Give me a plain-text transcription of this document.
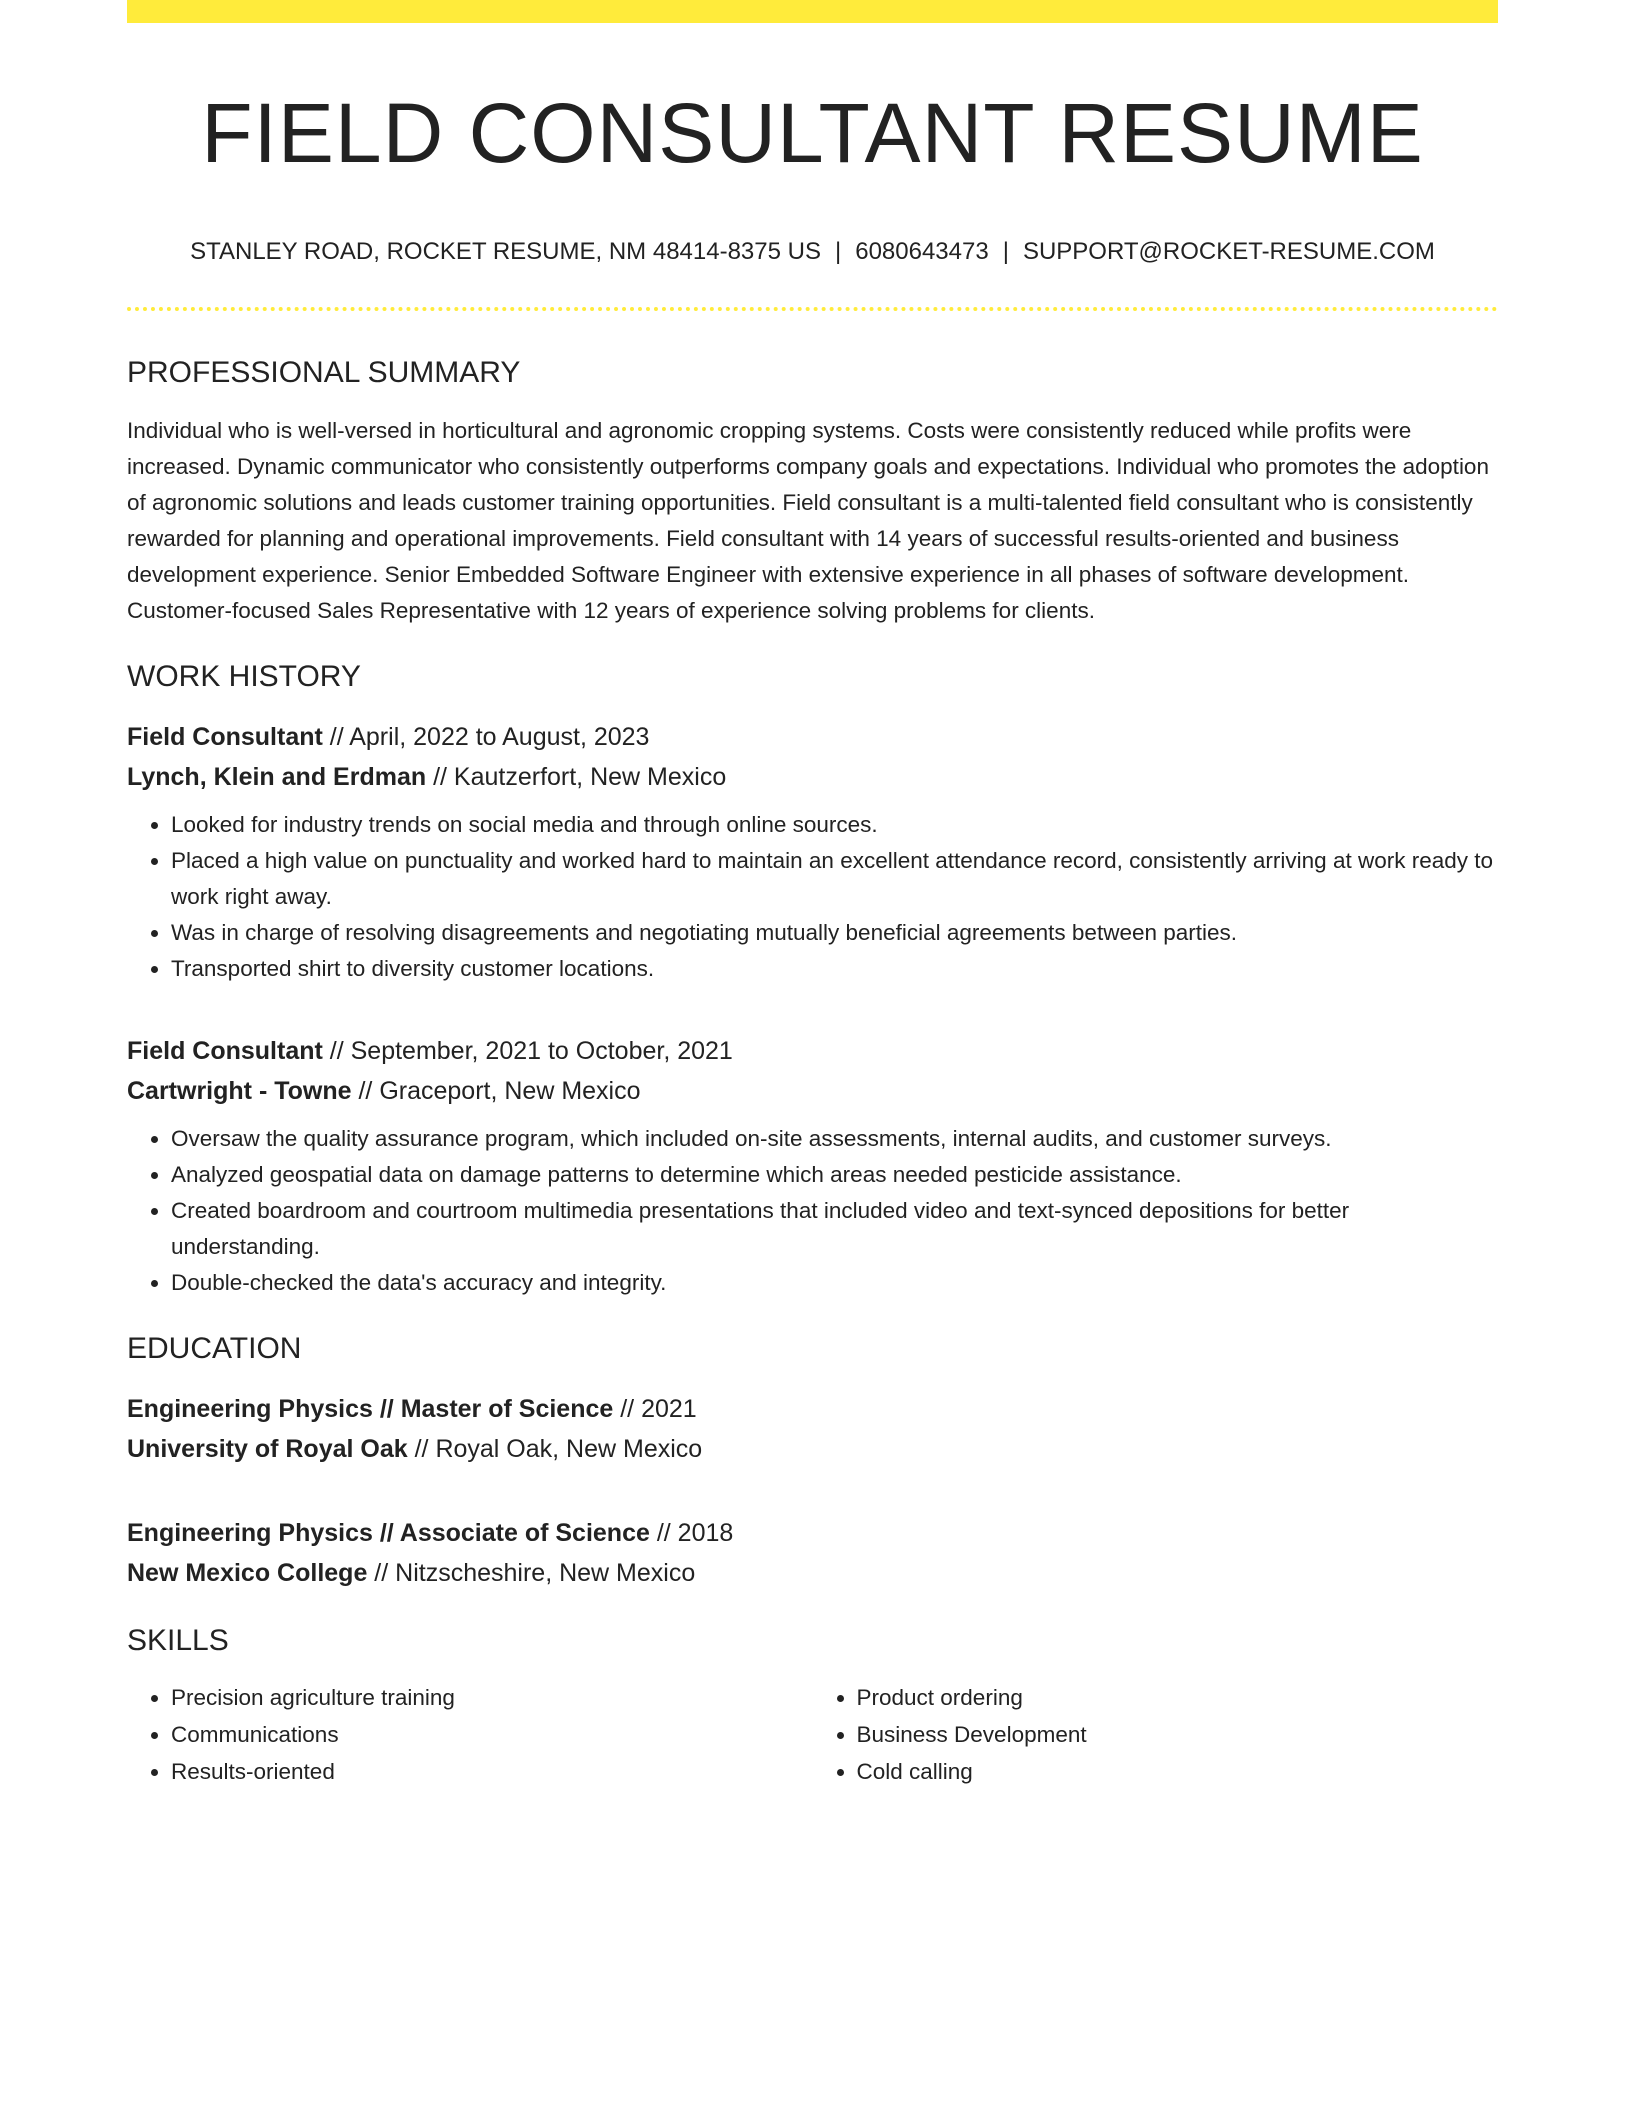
FIELD CONSULTANT RESUME
STANLEY ROAD, ROCKET RESUME, NM 48414-8375 US | 6080643473 | SUPPORT@ROCKET-RESUME.COM
PROFESSIONAL SUMMARY
Individual who is well-versed in horticultural and agronomic cropping systems. Costs were consistently reduced while profits were increased. Dynamic communicator who consistently outperforms company goals and expectations. Individual who promotes the adoption of agronomic solutions and leads customer training opportunities. Field consultant is a multi-talented field consultant who is consistently rewarded for planning and operational improvements. Field consultant with 14 years of successful results-oriented and business development experience. Senior Embedded Software Engineer with extensive experience in all phases of software development. Customer-focused Sales Representative with 12 years of experience solving problems for clients.
WORK HISTORY
Field Consultant // April, 2022 to August, 2023
Lynch, Klein and Erdman // Kautzerfort, New Mexico
• Looked for industry trends on social media and through online sources.
• Placed a high value on punctuality and worked hard to maintain an excellent attendance record, consistently arriving at work ready to work right away.
• Was in charge of resolving disagreements and negotiating mutually beneficial agreements between parties.
• Transported shirt to diversity customer locations.
Field Consultant // September, 2021 to October, 2021
Cartwright - Towne // Graceport, New Mexico
• Oversaw the quality assurance program, which included on-site assessments, internal audits, and customer surveys.
• Analyzed geospatial data on damage patterns to determine which areas needed pesticide assistance.
• Created boardroom and courtroom multimedia presentations that included video and text-synced depositions for better understanding.
• Double-checked the data's accuracy and integrity.
EDUCATION
Engineering Physics // Master of Science // 2021
University of Royal Oak // Royal Oak, New Mexico
Engineering Physics // Associate of Science // 2018
New Mexico College // Nitzscheshire, New Mexico
SKILLS
• Precision agriculture training
• Communications
• Results-oriented
• Product ordering
• Business Development
• Cold calling
